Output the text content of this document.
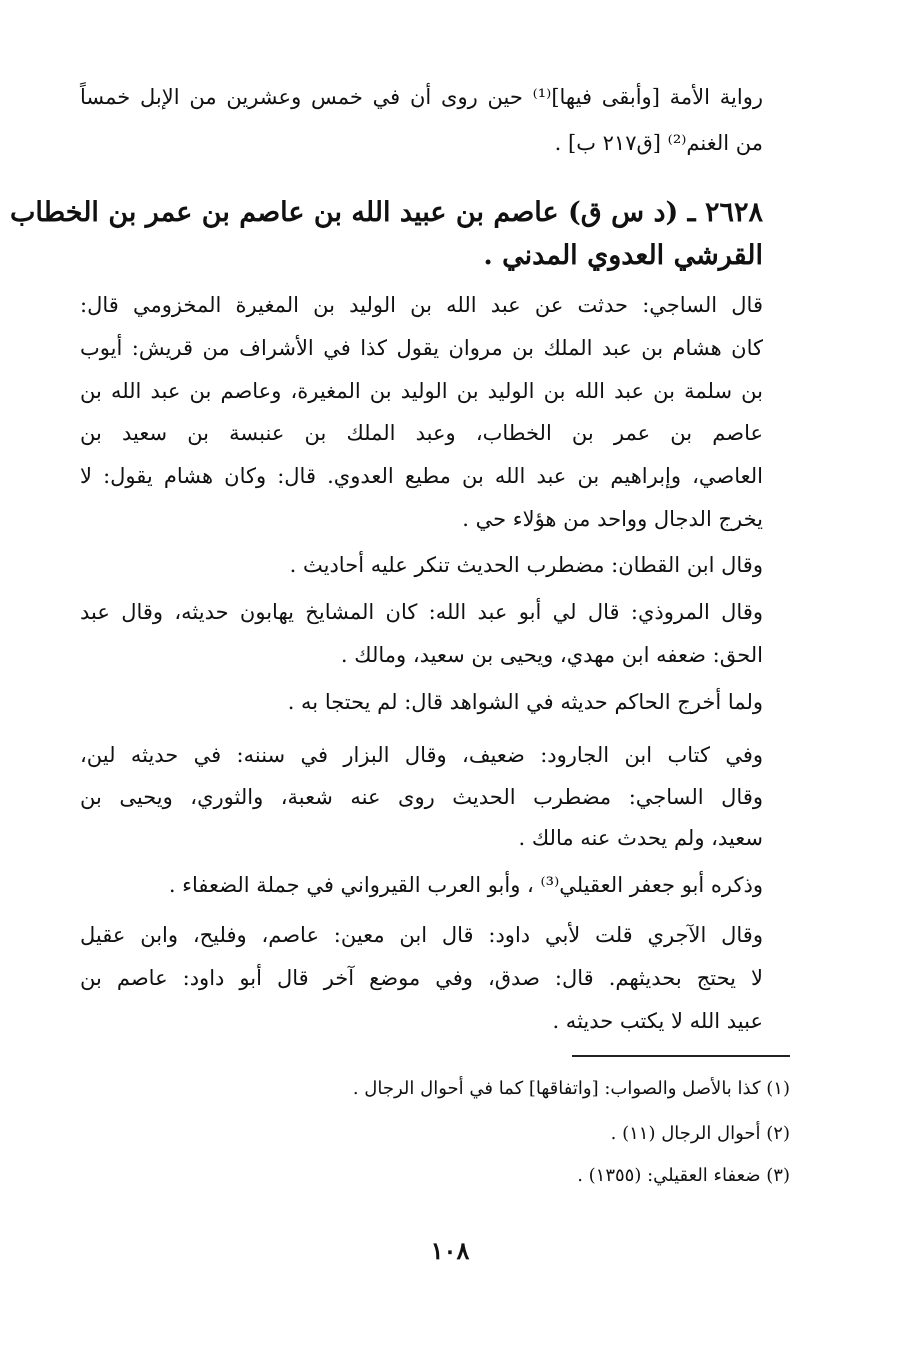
رواية الأمة [وأبقى فيها]⁽¹⁾ حين روى أن في خمس وعشرين من الإبل خمساً
من الغنم⁽²⁾ [ق٢١٧ ب] .
٢٦٢٨ ـ (د س ق) عاصم بن عبيد الله بن عاصم بن عمر بن الخطاب
القرشي العدوي المدني .
قال الساجي: حدثت عن عبد الله بن الوليد بن المغيرة المخزومي قال:
كان هشام بن عبد الملك بن مروان يقول كذا في الأشراف من قريش: أيوب
بن سلمة بن عبد الله بن الوليد بن الوليد بن المغيرة، وعاصم بن عبد الله بن
عاصم بن عمر بن الخطاب، وعبد الملك بن عنبسة بن سعيد بن
العاصي، وإبراهيم بن عبد الله بن مطيع العدوي. قال: وكان هشام يقول: لا
يخرج الدجال وواحد من هؤلاء حي .
وقال ابن القطان: مضطرب الحديث تنكر عليه أحاديث .
وقال المروذي: قال لي أبو عبد الله: كان المشايخ يهابون حديثه، وقال عبد
الحق: ضعفه ابن مهدي، ويحيى بن سعيد، ومالك .
ولما أخرج الحاكم حديثه في الشواهد قال: لم يحتجا به .
وفي كتاب ابن الجارود: ضعيف، وقال البزار في سننه: في حديثه لين،
وقال الساجي: مضطرب الحديث روى عنه شعبة، والثوري، ويحيى بن
سعيد، ولم يحدث عنه مالك .
وذكره أبو جعفر العقيلي⁽³⁾ ، وأبو العرب القيرواني في جملة الضعفاء .
وقال الآجري قلت لأبي داود: قال ابن معين: عاصم، وفليح، وابن عقيل
لا يحتج بحديثهم. قال: صدق، وفي موضع آخر قال أبو داود: عاصم بن
عبيد الله لا يكتب حديثه .
(١) كذا بالأصل والصواب: [واتفاقها] كما في أحوال الرجال .
(٢) أحوال الرجال (١١) .
(٣) ضعفاء العقيلي: (١٣٥٥) .
١٠٨
